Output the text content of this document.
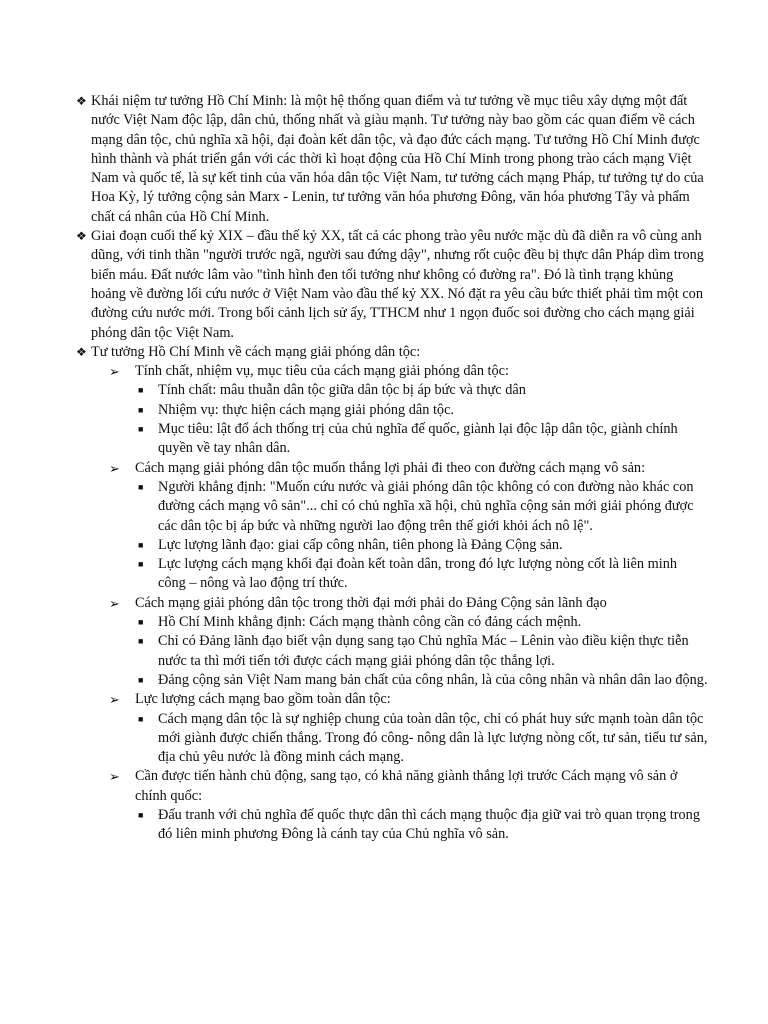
❖ Khái niệm tư tưởng Hồ Chí Minh: là một hệ thống quan điểm và tư tưởng về mục tiêu xây dựng một đất nước Việt Nam độc lập, dân chủ, thống nhất và giàu mạnh. Tư tưởng này bao gồm các quan điểm về cách mạng dân tộc, chủ nghĩa xã hội, đại đoàn kết dân tộc, và đạo đức cách mạng. Tư tưởng Hồ Chí Minh được hình thành và phát triển gắn với các thời kì hoạt động của Hồ Chí Minh trong phong trào cách mạng Việt Nam và quốc tế, là sự kết tinh của văn hóa dân tộc Việt Nam, tư tưởng cách mạng Pháp, tư tưởng tự do của Hoa Kỳ, lý tưởng cộng sản Marx - Lenin, tư tưởng văn hóa phương Đông, văn hóa phương Tây và phẩm chất cá nhân của Hồ Chí Minh.

❖ Giai đoạn cuối thế kỷ XIX – đầu thế kỷ XX, tất cả các phong trào yêu nước mặc dù đã diễn ra vô cùng anh dũng, với tinh thần "người trước ngã, người sau đứng dậy", nhưng rốt cuộc đều bị thực dân Pháp dìm trong biển máu. Đất nước lâm vào "tình hình đen tối tưởng như không có đường ra". Đó là tình trạng khủng hoảng về đường lối cứu nước ở Việt Nam vào đầu thế kỷ XX. Nó đặt ra yêu cầu bức thiết phải tìm một con đường cứu nước mới. Trong bối cảnh lịch sử ấy, TTHCM như 1 ngọn đuốc soi đường cho cách mạng giải phóng dân tộc Việt Nam.

❖ Tư tưởng Hồ Chí Minh về cách mạng giải phóng dân tộc:

➢ Tính chất, nhiệm vụ, mục tiêu của cách mạng giải phóng dân tộc:

■ Tính chất: mâu thuẫn dân tộc giữa dân tộc bị áp bức và thực dân

■ Nhiệm vụ: thực hiện cách mạng giải phóng dân tộc.

■ Mục tiêu: lật đổ ách thống trị của chủ nghĩa đế quốc, giành lại độc lập dân tộc, giành chính quyền về tay nhân dân.

➢ Cách mạng giải phóng dân tộc muốn thắng lợi phải đi theo con đường cách mạng vô sản:

■ Người khẳng định: "Muốn cứu nước và giải phóng dân tộc không có con đường nào khác con đường cách mạng vô sản"... chỉ có chủ nghĩa xã hội, chủ nghĩa cộng sản mới giải phóng được các dân tộc bị áp bức và những người lao động trên thế giới khỏi ách nô lệ".

■ Lực lượng lãnh đạo: giai cấp công nhân, tiên phong là Đảng Cộng sản.

■ Lực lượng cách mạng khối đại đoàn kết toàn dân, trong đó lực lượng nòng cốt là liên minh công – nông và lao động trí thức.

➢ Cách mạng giải phóng dân tộc trong thời đại mới phải do Đảng Cộng sản lãnh đạo

■ Hồ Chí Minh khẳng định: Cách mạng thành công cần có đảng cách mệnh.

■ Chỉ có Đảng lãnh đạo biết vận dụng sang tạo Chủ nghĩa Mác – Lênin vào điều kiện thực tiễn nước ta thì mới tiến tới được cách mạng giải phóng dân tộc thắng lợi.

■ Đảng cộng sản Việt Nam mang bản chất của công nhân, là của công nhân và nhân dân lao động.

➢ Lực lượng cách mạng bao gồm toàn dân tộc:

■ Cách mạng dân tộc là sự nghiệp chung của toàn dân tộc, chỉ có phát huy sức mạnh toàn dân tộc mới giành được chiến thắng. Trong đó công- nông dân là lực lượng nòng cốt, tư sản, tiểu tư sản, địa chủ yêu nước là đồng minh cách mạng.

➢ Cần được tiến hành chủ động, sang tạo, có khả năng giành thắng lợi trước Cách mạng vô sản ở chính quốc:

■ Đấu tranh với chủ nghĩa đế quốc thực dân thì cách mạng thuộc địa giữ vai trò quan trọng trong đó liên minh phương Đông là cánh tay của Chủ nghĩa vô sản.
